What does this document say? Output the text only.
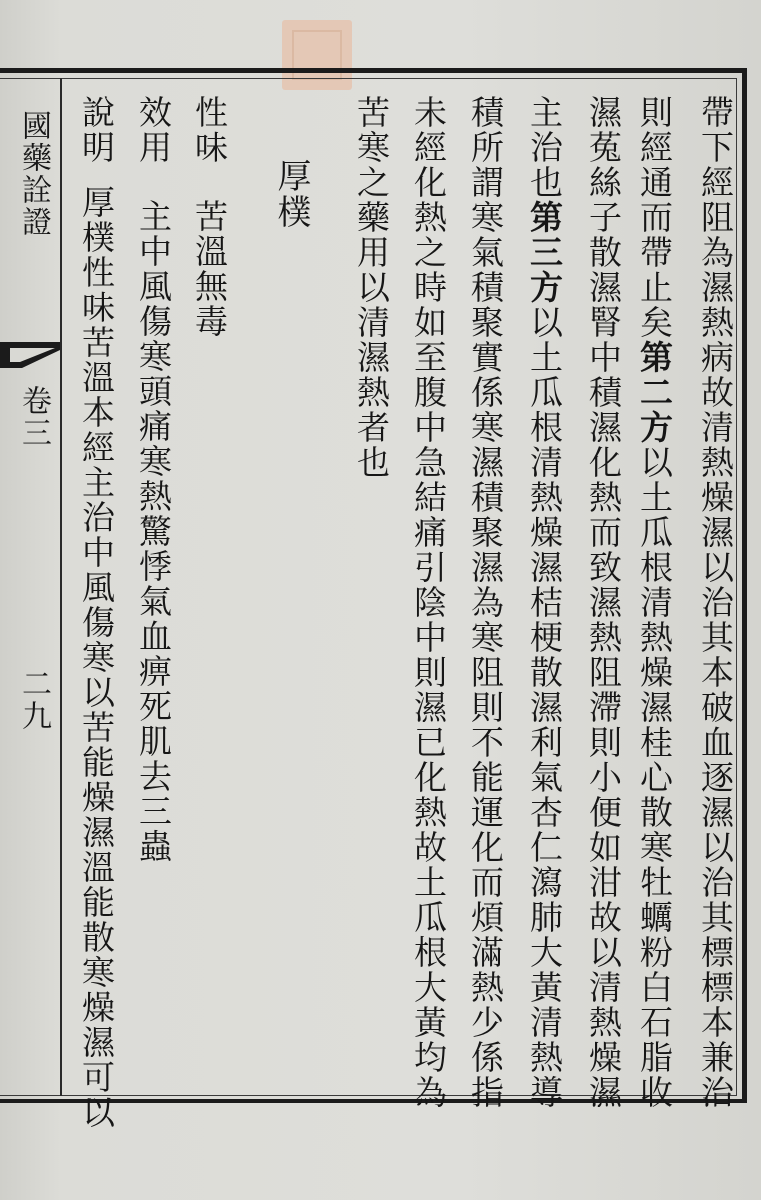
國藥詮證
卷三
二九
　　　　　　　　	帶下經阻為濕熱病故清熱燥濕以治其本破血逐濕以治其標標本兼治
則經通而帶止矣第二方以土瓜根清熱燥濕桂心散寒牡蠣粉白石脂收
濕菟絲子散濕腎中積濕化熱而致濕熱阻滯則小便如泔故以清熱燥濕
主治也第三方以土瓜根清熱燥濕桔梗散濕利氣杏仁瀉肺大黃清熱導
積所謂寒氣積聚實係寒濕積聚濕為寒阻則不能運化而煩滿熱少係指
未經化熱之時如至腹中急結痛引陰中則濕已化熱故土瓜根大黃均為
苦寒之藥用以清濕熱者也
厚樸
性味苦溫無毒
效用主中風傷寒頭痛寒熱驚悸氣血痹死肌去三蟲
說明厚樸性味苦溫本經主治中風傷寒以苦能燥濕溫能散寒燥濕可以
